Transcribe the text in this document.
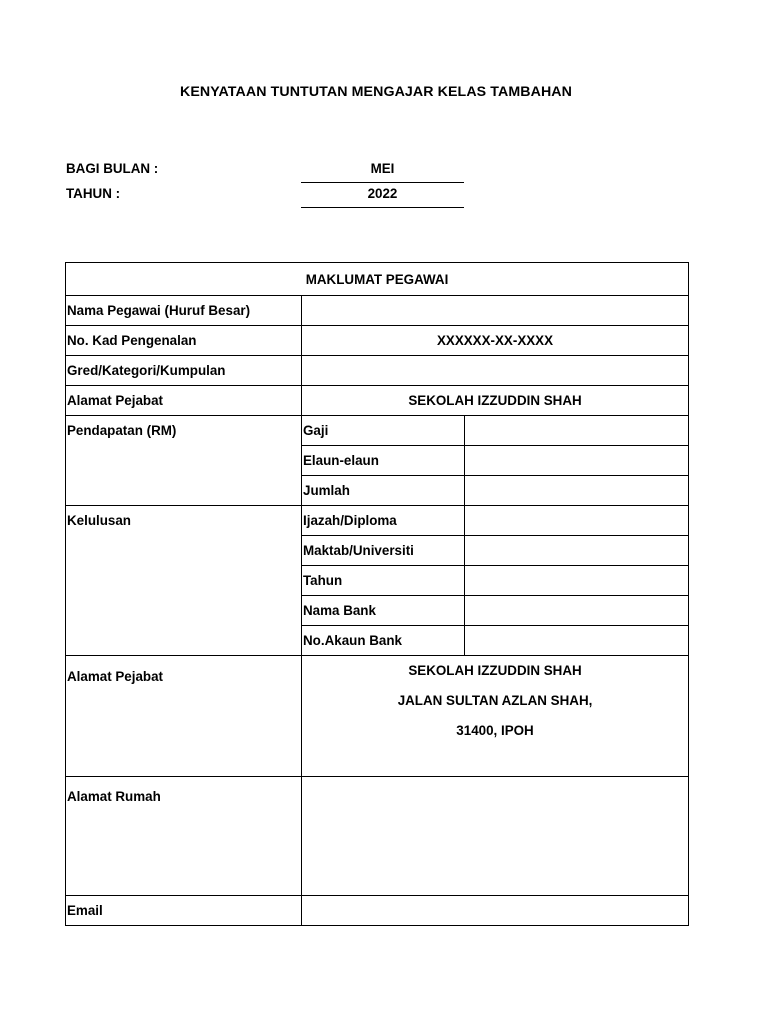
KENYATAAN TUNTUTAN MENGAJAR KELAS TAMBAHAN
BAGI BULAN :	MEI
TAHUN :	2022
MAKLUMAT PEGAWAI		
Nama Pegawai (Huruf Besar)		
No. Kad Pengenalan	XXXXXX-XX-XXXX	
Gred/Kategori/Kumpulan		
Alamat Pejabat	SEKOLAH IZZUDDIN SHAH	
Pendapatan (RM)	Gaji	
	Elaun-elaun	
	Jumlah	
Kelulusan	Ijazah/Diploma	
	Maktab/Universiti	
	Tahun	
	Nama Bank	
	No.Akaun Bank	
Alamat Pejabat	SEKOLAH IZZUDDIN SHAH
JALAN SULTAN AZLAN SHAH,
31400, IPOH	

Alamat Rumah		
Email		
